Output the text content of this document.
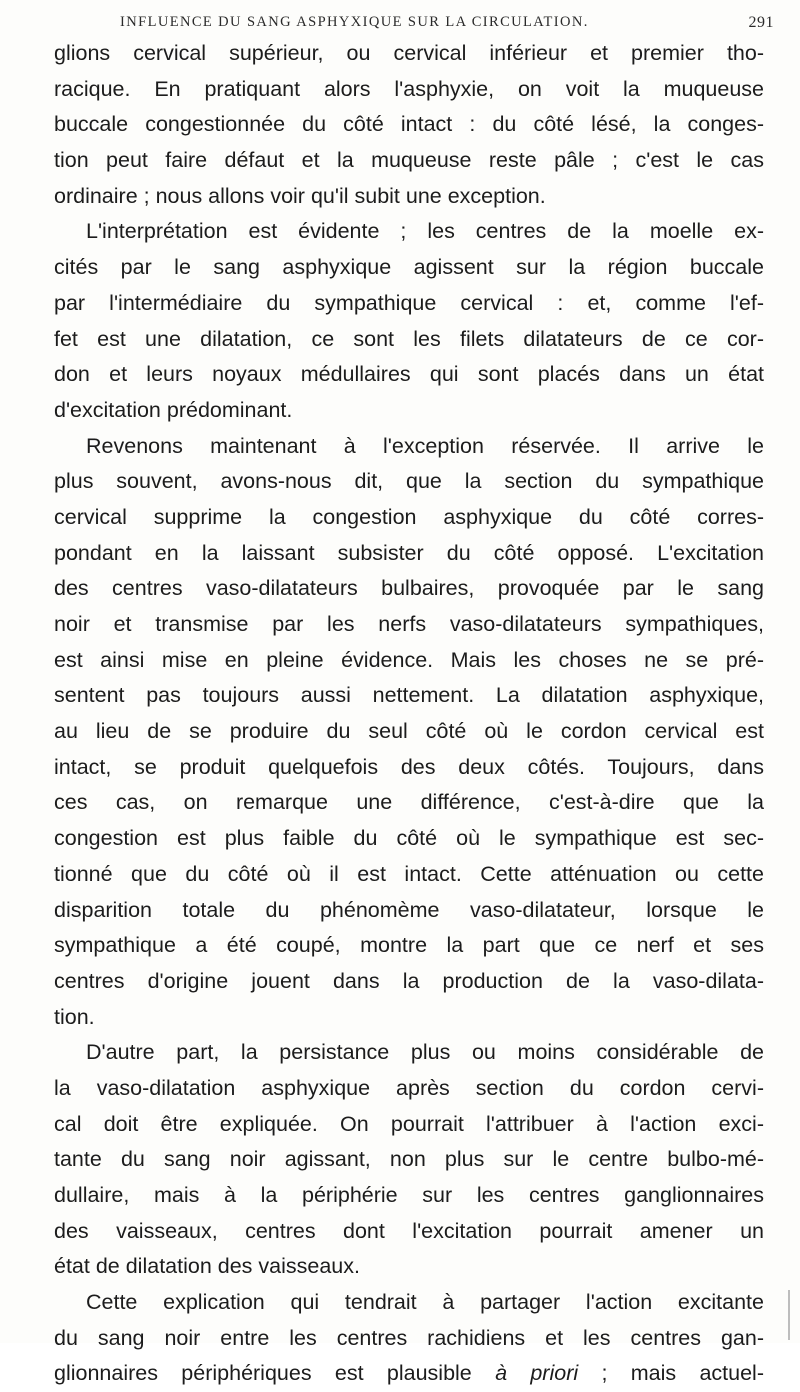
INFLUENCE DU SANG ASPHYXIQUE SUR LA CIRCULATION.	291
glions cervical supérieur, ou cervical inférieur et premier tho-
racique. En pratiquant alors l'asphyxie, on voit la muqueuse
buccale congestionnée du côté intact : du côté lésé, la conges-
tion peut faire défaut et la muqueuse reste pâle ; c'est le cas
ordinaire ; nous allons voir qu'il subit une exception.
L'interprétation est évidente ; les centres de la moelle ex-
cités par le sang asphyxique agissent sur la région buccale
par l'intermédiaire du sympathique cervical : et, comme l'ef-
fet est une dilatation, ce sont les filets dilatateurs de ce cor-
don et leurs noyaux médullaires qui sont placés dans un état
d'excitation prédominant.
Revenons maintenant à l'exception réservée. Il arrive le
plus souvent, avons-nous dit, que la section du sympathique
cervical supprime la congestion asphyxique du côté corres-
pondant en la laissant subsister du côté opposé. L'excitation
des centres vaso-dilatateurs bulbaires, provoquée par le sang
noir et transmise par les nerfs vaso-dilatateurs sympathiques,
est ainsi mise en pleine évidence. Mais les choses ne se pré-
sentent pas toujours aussi nettement. La dilatation asphyxique,
au lieu de se produire du seul côté où le cordon cervical est
intact, se produit quelquefois des deux côtés. Toujours, dans
ces cas, on remarque une différence, c'est-à-dire que la
congestion est plus faible du côté où le sympathique est sec-
tionné que du côté où il est intact. Cette atténuation ou cette
disparition totale du phénomème vaso-dilatateur, lorsque le
sympathique a été coupé, montre la part que ce nerf et ses
centres d'origine jouent dans la production de la vaso-dilata-
tion.
D'autre part, la persistance plus ou moins considérable de
la vaso-dilatation asphyxique après section du cordon cervi-
cal doit être expliquée. On pourrait l'attribuer à l'action exci-
tante du sang noir agissant, non plus sur le centre bulbo-mé-
dullaire, mais à la périphérie sur les centres ganglionnaires
des vaisseaux, centres dont l'excitation pourrait amener un
état de dilatation des vaisseaux.
Cette explication qui tendrait à partager l'action excitante
du sang noir entre les centres rachidiens et les centres gan-
glionnaires périphériques est plausible à priori ; mais actuel-
